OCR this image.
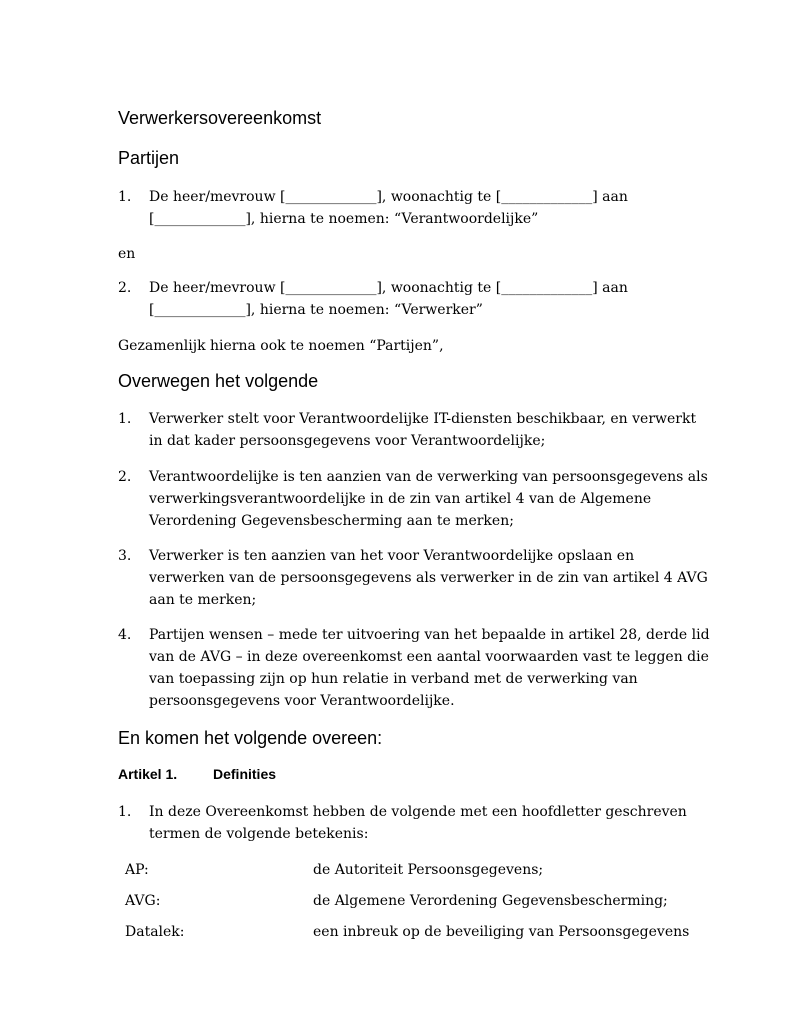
Verwerkersovereenkomst
Partijen
1. De heer/mevrouw [_____________], woonachtig te [_____________] aan
[_____________], hierna te noemen: “Verantwoordelijke”
en
2. De heer/mevrouw [_____________], woonachtig te [_____________] aan
[_____________], hierna te noemen: “Verwerker”
Gezamenlijk hierna ook te noemen “Partijen”,
Overwegen het volgende
1. Verwerker stelt voor Verantwoordelijke IT-diensten beschikbaar, en verwerkt
in dat kader persoonsgegevens voor Verantwoordelijke;
2. Verantwoordelijke is ten aanzien van de verwerking van persoonsgegevens als
verwerkingsverantwoordelijke in de zin van artikel 4 van de Algemene
Verordening Gegevensbescherming aan te merken;
3. Verwerker is ten aanzien van het voor Verantwoordelijke opslaan en
verwerken van de persoonsgegevens als verwerker in de zin van artikel 4 AVG
aan te merken;
4. Partijen wensen – mede ter uitvoering van het bepaalde in artikel 28, derde lid
van de AVG – in deze overeenkomst een aantal voorwaarden vast te leggen die
van toepassing zijn op hun relatie in verband met de verwerking van
persoonsgegevens voor Verantwoordelijke.
En komen het volgende overeen:
Artikel 1.	Definities
1. In deze Overeenkomst hebben de volgende met een hoofdletter geschreven
termen de volgende betekenis:
AP:	de Autoriteit Persoonsgegevens;
AVG:	de Algemene Verordening Gegevensbescherming;
Datalek:	een inbreuk op de beveiliging van Persoonsgegevens
